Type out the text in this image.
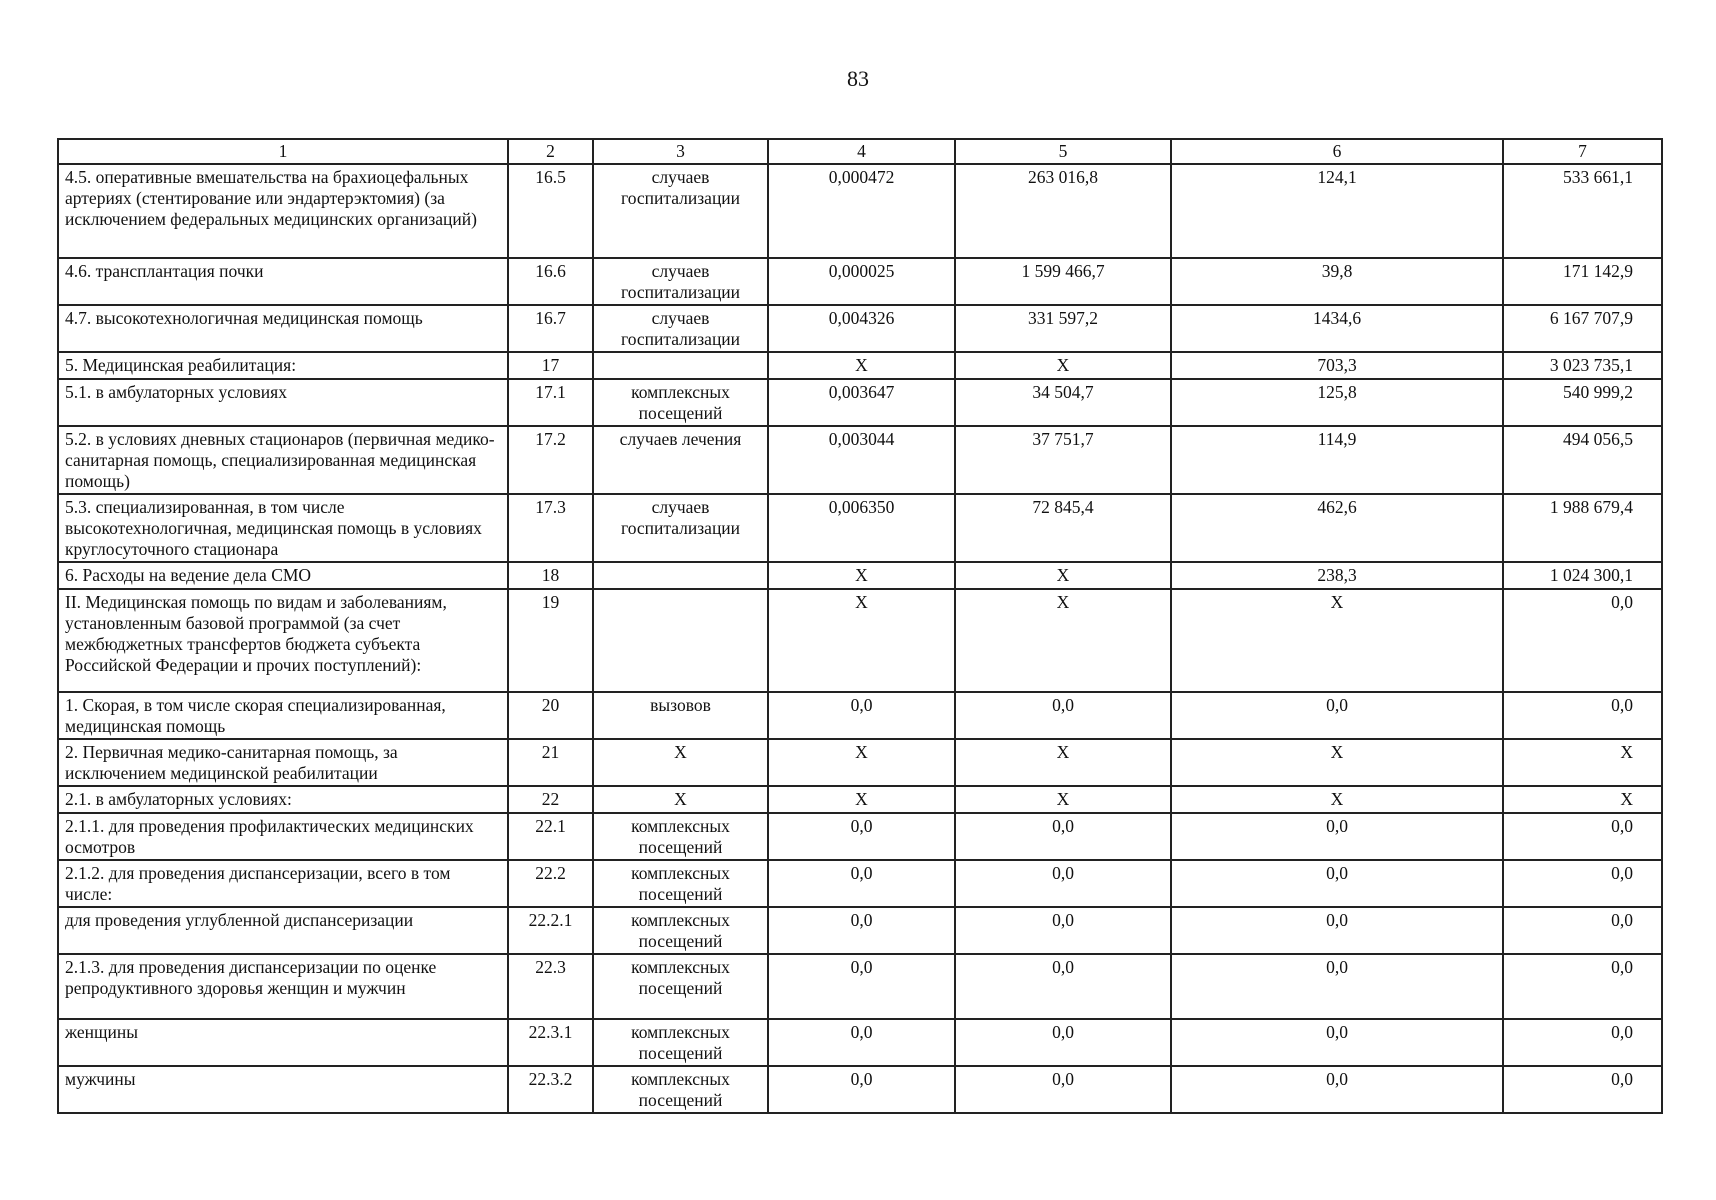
83
1	2	3	4	5	6	7
4.5. оперативные вмешательства на брахиоцефальных артериях (стентирование или эндартерэктомия) (за исключением федеральных медицинских организаций)	16.5	случаев госпитализации	0,000472	263 016,8	124,1	533 661,1
4.6. трансплантация почки	16.6	случаев госпитализации	0,000025	1 599 466,7	39,8	171 142,9
4.7. высокотехнологичная медицинская помощь	16.7	случаев госпитализации	0,004326	331 597,2	1434,6	6 167 707,9
5. Медицинская реабилитация:	17		X	X	703,3	3 023 735,1
5.1. в амбулаторных условиях	17.1	комплексных посещений	0,003647	34 504,7	125,8	540 999,2
5.2. в условиях дневных стационаров (первичная медико-санитарная помощь, специализированная медицинская помощь)	17.2	случаев лечения	0,003044	37 751,7	114,9	494 056,5
5.3. специализированная, в том числе высокотехнологичная, медицинская помощь в условиях круглосуточного стационара	17.3	случаев госпитализации	0,006350	72 845,4	462,6	1 988 679,4
6. Расходы на ведение дела СМО	18		X	X	238,3	1 024 300,1
II. Медицинская помощь по видам и заболеваниям, установленным базовой программой (за счет межбюджетных трансфертов бюджета субъекта Российской Федерации и прочих поступлений):	19		X	X	X	0,0
1. Скорая, в том числе скорая специализированная, медицинская помощь	20	вызовов	0,0	0,0	0,0	0,0
2. Первичная медико-санитарная помощь, за исключением медицинской реабилитации	21	X	X	X	X	X
2.1. в амбулаторных условиях:	22	X	X	X	X	X
2.1.1. для проведения профилактических медицинских осмотров	22.1	комплексных посещений	0,0	0,0	0,0	0,0
2.1.2. для проведения диспансеризации, всего в том числе:	22.2	комплексных посещений	0,0	0,0	0,0	0,0
для проведения углубленной диспансеризации	22.2.1	комплексных посещений	0,0	0,0	0,0	0,0
2.1.3. для проведения диспансеризации по оценке репродуктивного здоровья женщин и мужчин	22.3	комплексных посещений	0,0	0,0	0,0	0,0
женщины	22.3.1	комплексных посещений	0,0	0,0	0,0	0,0
мужчины	22.3.2	комплексных посещений	0,0	0,0	0,0	0,0
